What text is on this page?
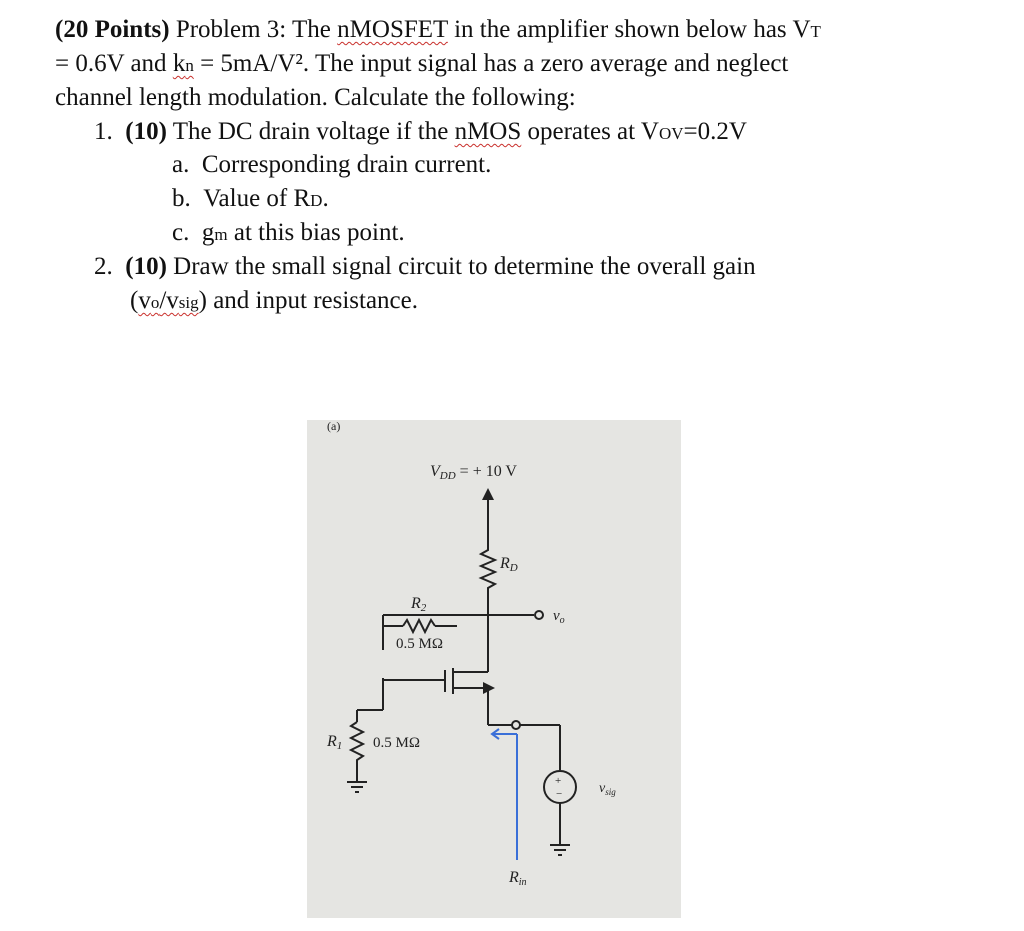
(20 Points) Problem 3: The nMOSFET in the amplifier shown below has VT
= 0.6V and kn = 5mA/V². The input signal has a zero average and neglect
channel length modulation. Calculate the following:
1. (10) The DC drain voltage if the nMOS operates at VOV=0.2V
a. Corresponding drain current.
b. Value of RD.
c. gm at this bias point.
2. (10) Draw the small signal circuit to determine the overall gain
(vo/vsig) and input resistance.
(a)
VDD = + 10 V
RD
R2
0.5 MΩ
$v_o$
R1 0.5 MΩ
+
−	$v_{sig}$
Rin
